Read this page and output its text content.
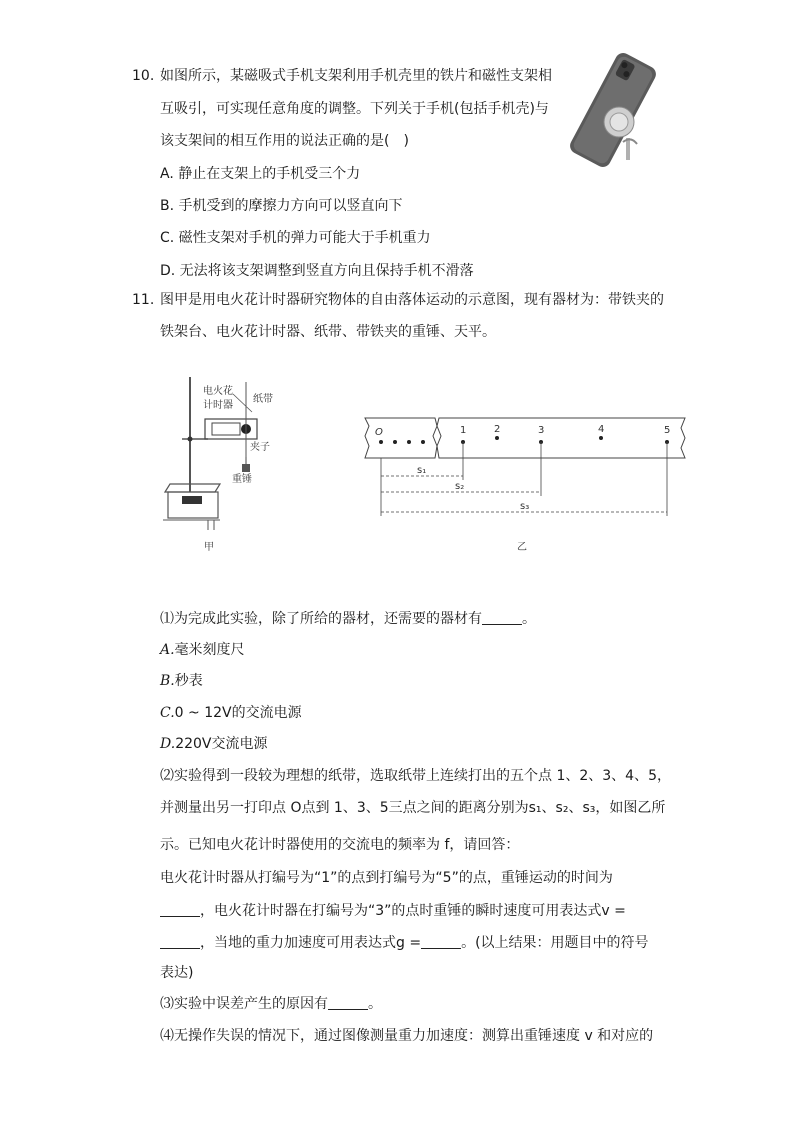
10. 如图所示，某磁吸式手机支架利用手机壳里的铁片和磁性支架相
互吸引，可实现任意角度的调整。下列关于手机(包括手机壳)与
该支架间的相互作用的说法正确的是(　)
A. 静止在支架上的手机受三个力
B. 手机受到的摩擦力方向可以竖直向下
C. 磁性支架对手机的弹力可能大于手机重力
D. 无法将该支架调整到竖直方向且保持手机不滑落
11. 图甲是用电火花计时器研究物体的自由落体运动的示意图，现有器材为：带铁夹的
铁架台、电火花计时器、纸带、带铁夹的重锤、天平。
电火花
计时器
纸带
夹子
重锤
甲
O	1	2	3	4	5
s₁
s₂
s₃
乙
⑴为完成此实验，除了所给的器材，还需要的器材有	。
A.毫米刻度尺
B.秒表
C.0 ~ 12V的交流电源
D.220V交流电源
⑵实验得到一段较为理想的纸带，选取纸带上连续打出的五个点 1、2、3、4、5，
并测量出另一打印点 O点到 1、3、5三点之间的距离分别为s₁、s₂、s₃，如图乙所
示。已知电火花计时器使用的交流电的频率为 f，请回答：
电火花计时器从打编号为“1”的点到打编号为“5”的点，重锤运动的时间为
，电火花计时器在打编号为“3”的点时重锤的瞬时速度可用表达式v =
，当地的重力加速度可用表达式g =	。(以上结果：用题目中的符号
表达)
⑶实验中误差产生的原因有	。
⑷无操作失误的情况下，通过图像测量重力加速度：测算出重锤速度 v 和对应的
